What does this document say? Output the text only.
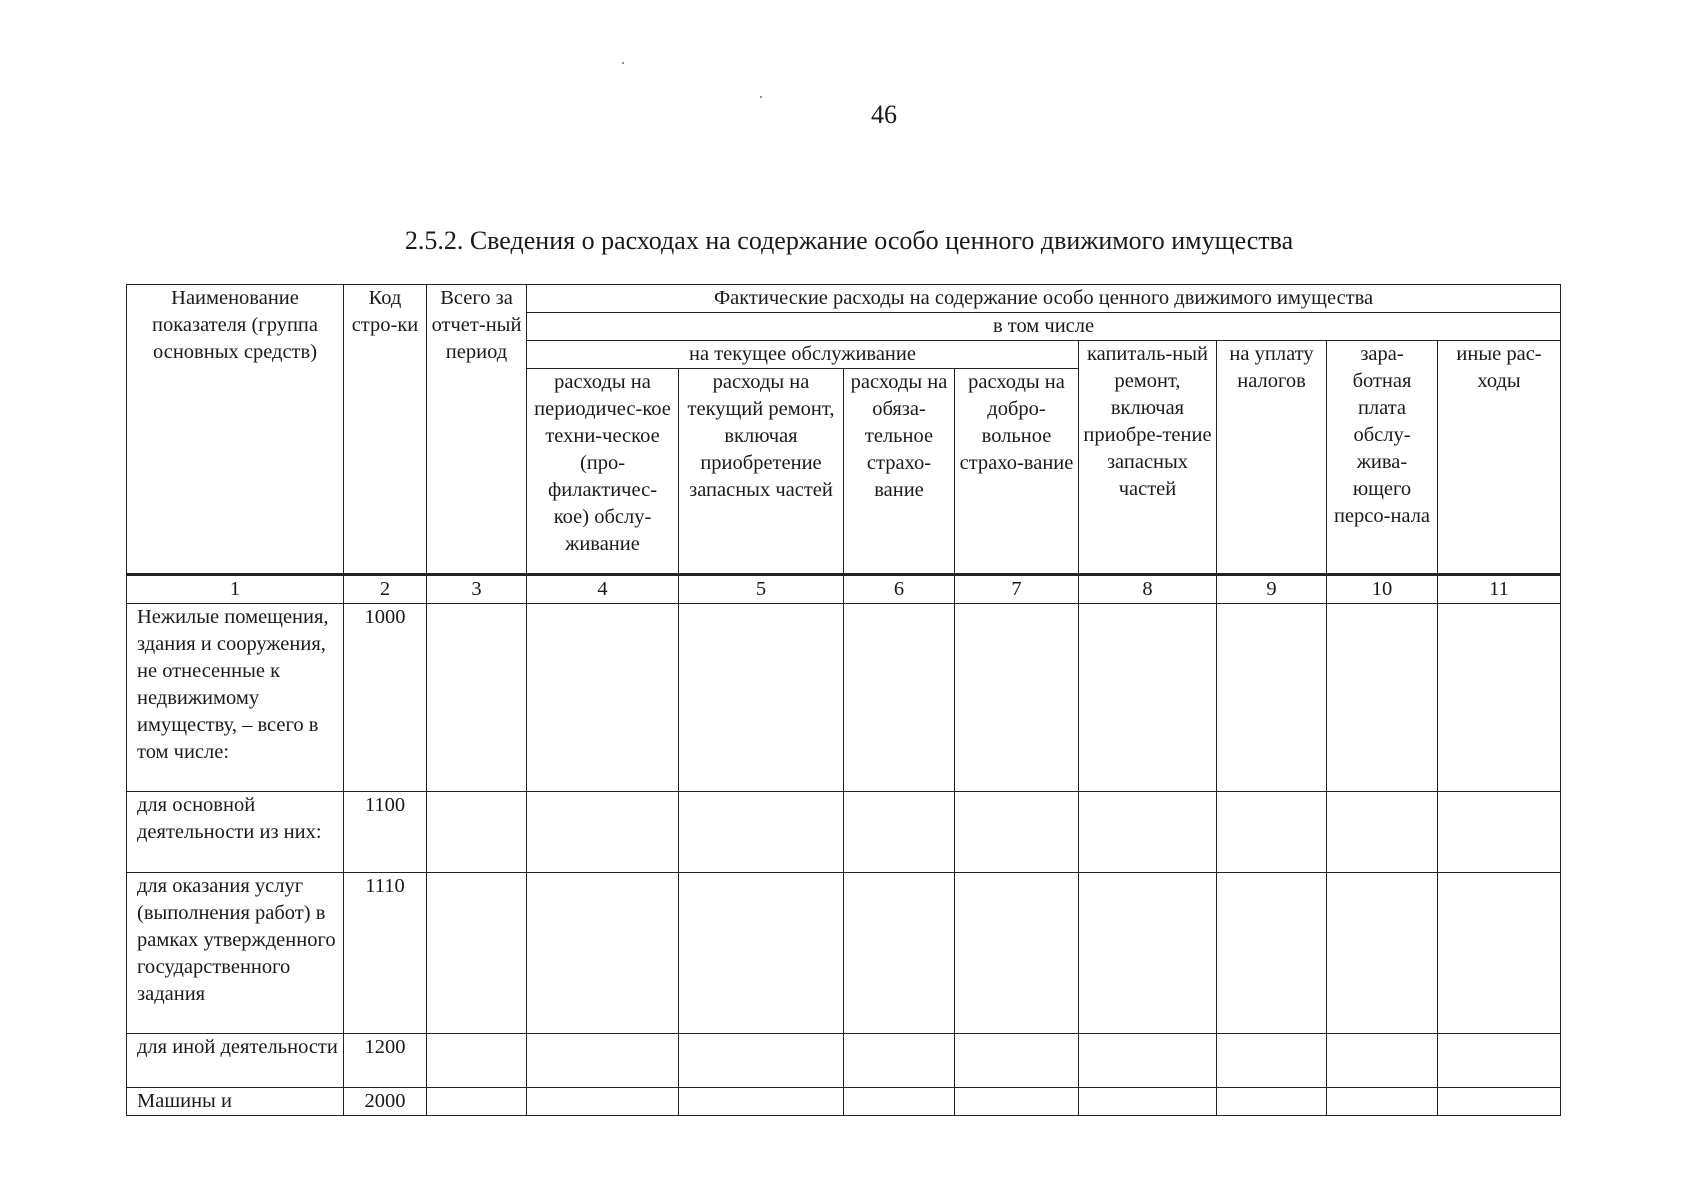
46
2.5.2. Сведения о расходах на содержание особо ценного движимого имущества
Наименование показателя (группа основных средств)	Код стро-ки	Всего за отчет-ный период	Фактические расходы на содержание особо ценного движимого имущества							
			в том числе							
			на текущее обслуживание				капиталь-ный ремонт, включая приобре-тение запасных частей	на уплату налогов	зара-ботная плата обслу-жива-ющего персо-нала	иные рас-ходы
			расходы на периодичес-кое техни-ческое (про-филактичес-кое) обслу-живание	расходы на текущий ремонт, включая приобретение запасных частей	расходы на обяза-тельное страхо-вание	расходы на добро-вольное страхо-вание				
1	2	3	4	5	6	7	8	9	10	11
Нежилые помещения, здания и сооружения, не отнесенные к недвижимому имуществу, – всего в том числе:	1000									
для основной деятельности из них:	1100									
для оказания услуг (выполнения работ) в рамках утвержденного государственного задания	1110									
для иной деятельности	1200									
Машины и	2000									
